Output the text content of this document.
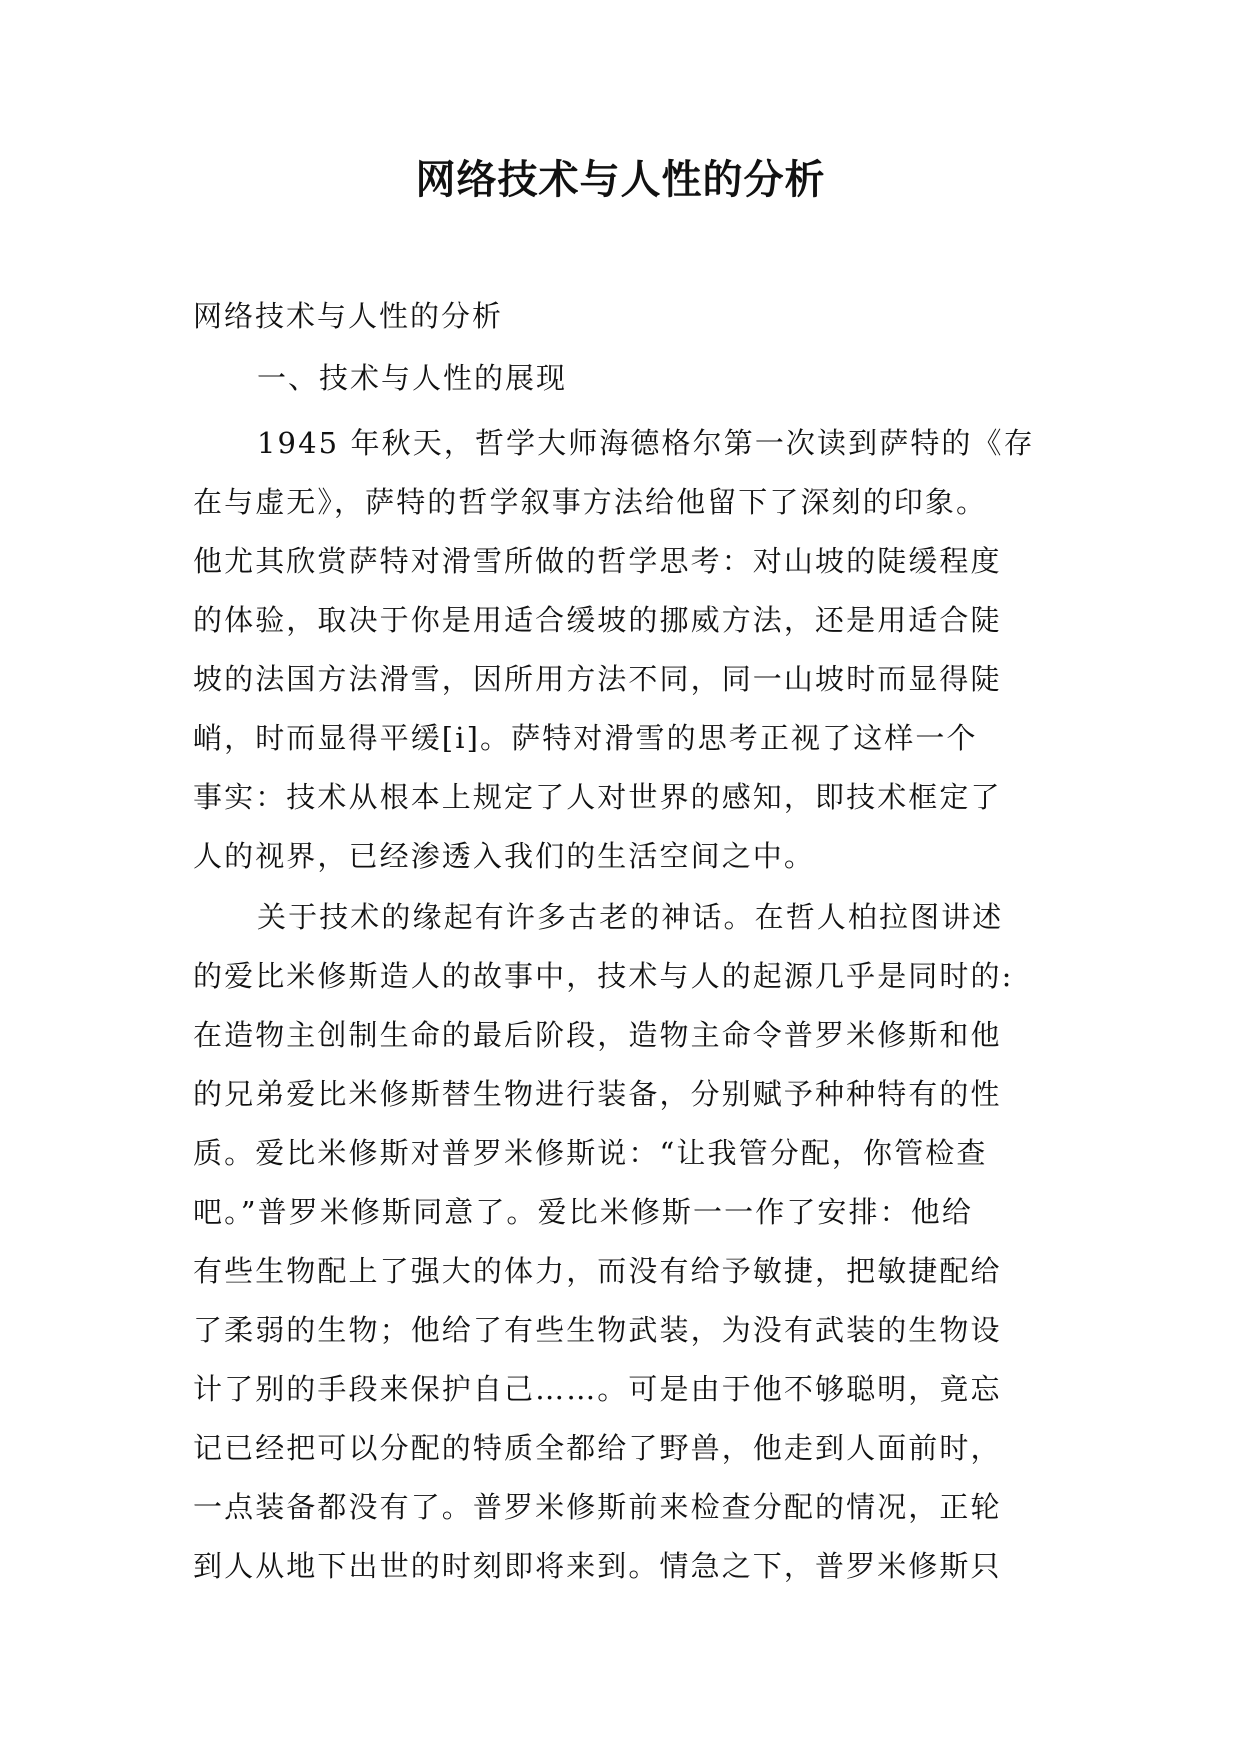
网络技术与人性的分析
网络技术与人性的分析
一、技术与人性的展现

1945 年秋天，哲学大师海德格尔第一次读到萨特的《存
在与虚无》，萨特的哲学叙事方法给他留下了深刻的印象。
他尤其欣赏萨特对滑雪所做的哲学思考：对山坡的陡缓程度
的体验，取决于你是用适合缓坡的挪威方法，还是用适合陡
坡的法国方法滑雪，因所用方法不同，同一山坡时而显得陡
峭，时而显得平缓[i]。萨特对滑雪的思考正视了这样一个
事实：技术从根本上规定了人对世界的感知，即技术框定了
人的视界，已经渗透入我们的生活空间之中。

关于技术的缘起有许多古老的神话。在哲人柏拉图讲述
的爱比米修斯造人的故事中，技术与人的起源几乎是同时的:
在造物主创制生命的最后阶段，造物主命令普罗米修斯和他
的兄弟爱比米修斯替生物进行装备，分别赋予种种特有的性
质。爱比米修斯对普罗米修斯说：“让我管分配，你管检查
吧。”普罗米修斯同意了。爱比米修斯一一作了安排：他给
有些生物配上了强大的体力，而没有给予敏捷，把敏捷配给
了柔弱的生物；他给了有些生物武装，为没有武装的生物设
计了别的手段来保护自己……。可是由于他不够聪明，竟忘
记已经把可以分配的特质全都给了野兽，他走到人面前时，
一点装备都没有了。普罗米修斯前来检查分配的情况，正轮
到人从地下出世的时刻即将来到。情急之下，普罗米修斯只
